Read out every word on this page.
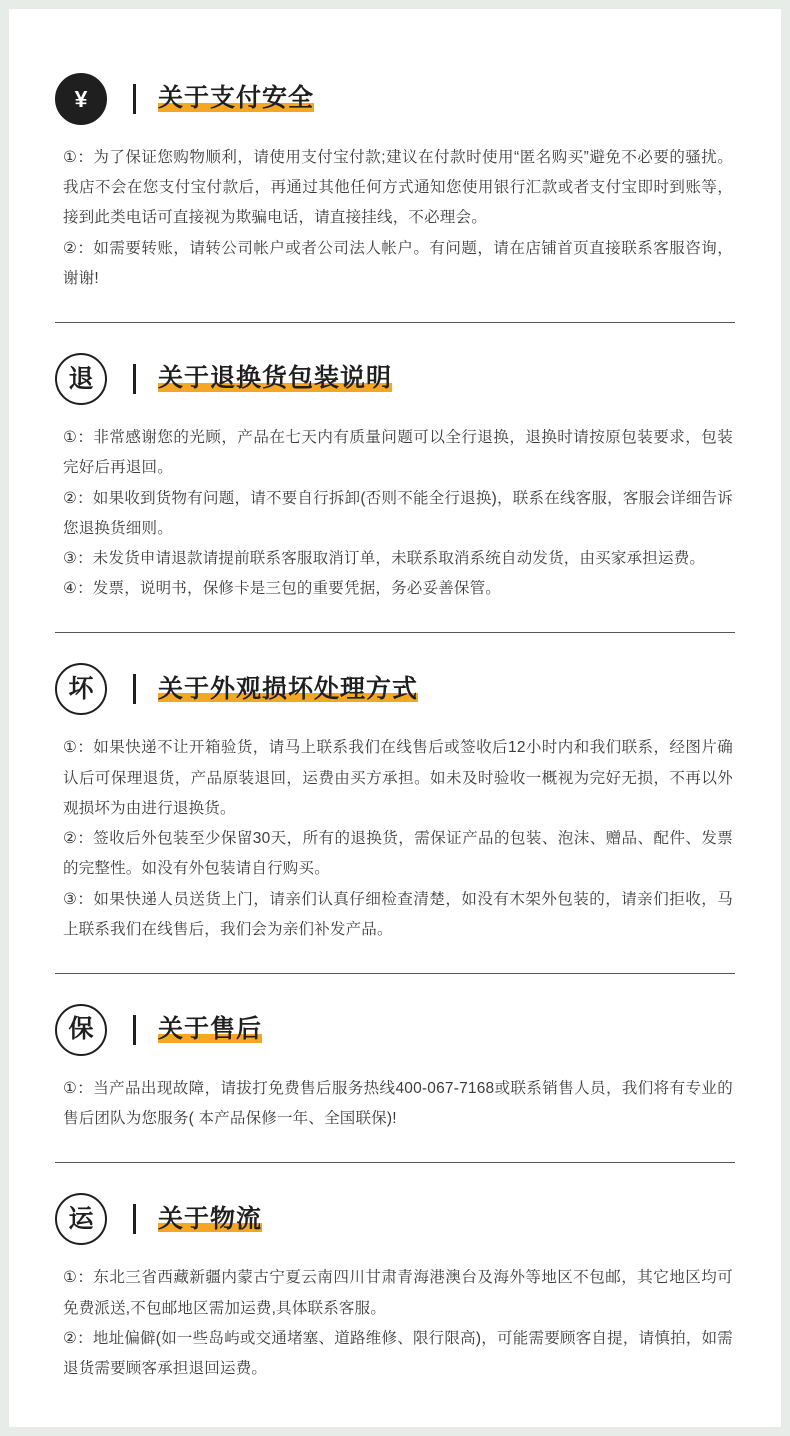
¥	关于支付安全
①：为了保证您购物顺利，请使用支付宝付款;建议在付款时使用“匿名购买”避免不必要的骚扰。我店不会在您支付宝付款后，再通过其他任何方式通知您使用银行汇款或者支付宝即时到账等，接到此类电话可直接视为欺骗电话，请直接挂线，不必理会。
②：如需要转账，请转公司帐户或者公司法人帐户。有问题，请在店铺首页直接联系客服咨询，谢谢!
退	关于退换货包装说明
①：非常感谢您的光顾，产品在七天内有质量问题可以全行退换，退换时请按原包装要求，包装完好后再退回。
②：如果收到货物有问题，请不要自行拆卸(否则不能全行退换)，联系在线客服，客服会详细告诉您退换货细则。
③：未发货申请退款请提前联系客服取消订单，未联系取消系统自动发货，由买家承担运费。
④：发票，说明书，保修卡是三包的重要凭据，务必妥善保管。
坏	关于外观损坏处理方式
①：如果快递不让开箱验货，请马上联系我们在线售后或签收后12小时内和我们联系，经图片确认后可保理退货，产品原装退回，运费由买方承担。如未及时验收一概视为完好无损，不再以外观损坏为由进行退换货。
②：签收后外包装至少保留30天，所有的退换货，需保证产品的包装、泡沫、赠品、配件、发票的完整性。如没有外包装请自行购买。
③：如果快递人员送货上门，请亲们认真仔细检查清楚，如没有木架外包装的，请亲们拒收，马上联系我们在线售后，我们会为亲们补发产品。
保	关于售后
①：当产品出现故障，请拔打免费售后服务热线400-067-7168或联系销售人员，我们将有专业的售后团队为您服务( 本产品保修一年、全国联保)!
运	关于物流
①：东北三省西藏新疆内蒙古宁夏云南四川甘肃青海港澳台及海外等地区不包邮，其它地区均可免费派送,不包邮地区需加运费,具体联系客服。
②：地址偏僻(如一些岛屿或交通堵塞、道路维修、限行限高)，可能需要顾客自提，请慎拍，如需退货需要顾客承担退回运费。
